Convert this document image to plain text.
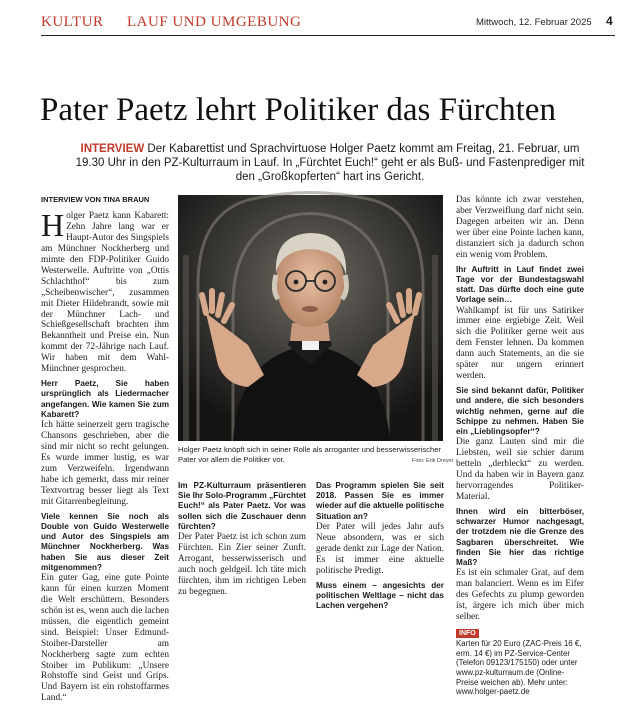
KULTUR LAUF UND UMGEBUNG	Mittwoch, 12. Februar 2025 4
Pater Paetz lehrt Politiker das Fürchten

INTERVIEW Der Kabarettist und Sprachvirtuose Holger Paetz kommt am Freitag, 21. Februar, um 19.30 Uhr in den PZ-Kulturraum in Lauf. In „Fürchtet Euch!“ geht er als Buß- und Fastenprediger mit den „Großkopferten“ hart ins Gericht.

INTERVIEW VON TINA BRAUN

Holger Paetz kann Kabarett: Zehn Jahre lang war er Haupt-Autor des Singspiels am Münchner Nockherberg und mimte den FDP-Politiker Guido Westerwelle. Auftritte von „Ottis Schlachthof“ bis zum „Scheibenwischer“, zusammen mit Dieter Hildebrandt, sowie mit der Münchner Lach- und Schießgesellschaft brachten ihm Bekanntheit und Preise ein. Nun kommt der 72-Jährige nach Lauf. Wir haben mit dem Wahl-Münchner gesprochen.

Herr Paetz, Sie haben ursprünglich als Liedermacher angefangen. Wie kamen Sie zum Kabarett?

Ich hätte seinerzeit gern tragische Chansons geschrieben, aber die sind mir nicht so recht gelungen. Es wurde immer lustig, es war zum Verzweifeln. Irgendwann habe ich gemerkt, dass mir reiner Textvortrag besser liegt als Text mit Gitarrenbegleitung.

Viele kennen Sie noch als Double von Guido Westerwelle und Autor des Singspiels am Münchner Nockherberg. Was haben Sie aus dieser Zeit mitgenommen?

Ein guter Gag, eine gute Pointe kann für einen kurzen Moment die Welt erschüttern. Besonders schön ist es, wenn auch die lachen müssen, die eigentlich gemeint sind. Beispiel: Unser Edmund-Stoiber-Darsteller am Nockherberg sagte zum echten Stoiber im Publikum: „Unsere Rohstoffe sind Geist und Grips. Und Bayern ist ein rohstoffarmes Land.“

Holger Paetz knöpft sich in seiner Rolle als arroganter und besserwisserischer Pater vor allem die Politiker vor.	Foto: Erik Dreyer

Im PZ-Kulturraum präsentieren Sie Ihr Solo-Programm „Fürchtet Euch!“ als Pater Paetz. Vor was sollen sich die Zuschauer denn fürchten?

Der Pater Paetz ist ich schon zum Fürchten. Ein Zier seiner Zunft. Arrogant, besserwisserisch und auch noch geldgeil. Ich täte mich fürchten, ihm im richtigen Leben zu begegnen.

Das Programm spielen Sie seit 2018. Passen Sie es immer wieder auf die aktuelle politische Situation an?

Der Pater will jedes Jahr aufs Neue absondern, was er sich gerade denkt zur Lage der Nation. Es ist immer eine aktuelle politische Predigt.

Muss einem – angesichts der politischen Weltlage – nicht das Lachen vergehen?

Das könnte ich zwar verstehen, aber Verzweiflung darf nicht sein. Dagegen arbeiten wir an. Denn wer über eine Pointe lachen kann, distanziert sich ja dadurch schon ein wenig vom Problem.

Ihr Auftritt in Lauf findet zwei Tage vor der Bundestagswahl statt. Das dürfte doch eine gute Vorlage sein…

Wahlkampf ist für uns Satiriker immer eine ergiebige Zeit. Weil sich die Politiker gerne weit aus dem Fenster lehnen. Da kommen dann auch Statements, an die sie später nur ungern erinnert werden.

Sie sind bekannt dafür, Politiker und andere, die sich besonders wichtig nehmen, gerne auf die Schippe zu nehmen. Haben Sie ein „Lieblingsopfer“?

Die ganz Lauten sind mir die Liebsten, weil sie schier darum betteln „derbleckt“ zu werden. Und da haben wir in Bayern ganz hervorragendes Politiker-Material.

Ihnen wird ein bitterböser, schwarzer Humor nachgesagt, der trotzdem nie die Grenze des Sagbaren überschreitet. Wie finden Sie hier das richtige Maß?

Es ist ein schmaler Grat, auf dem man balanciert. Wenn es im Eifer des Gefechts zu plump geworden ist, ärgere ich mich über mich selber.

INFO

Karten für 20 Euro (ZAC-Preis 16 €, erm. 14 €) im PZ-Service-Center (Telefon 09123/175150) oder unter www.pz-kulturraum.de (Online-Preise weichen ab). Mehr unter: www.holger-paetz.de
